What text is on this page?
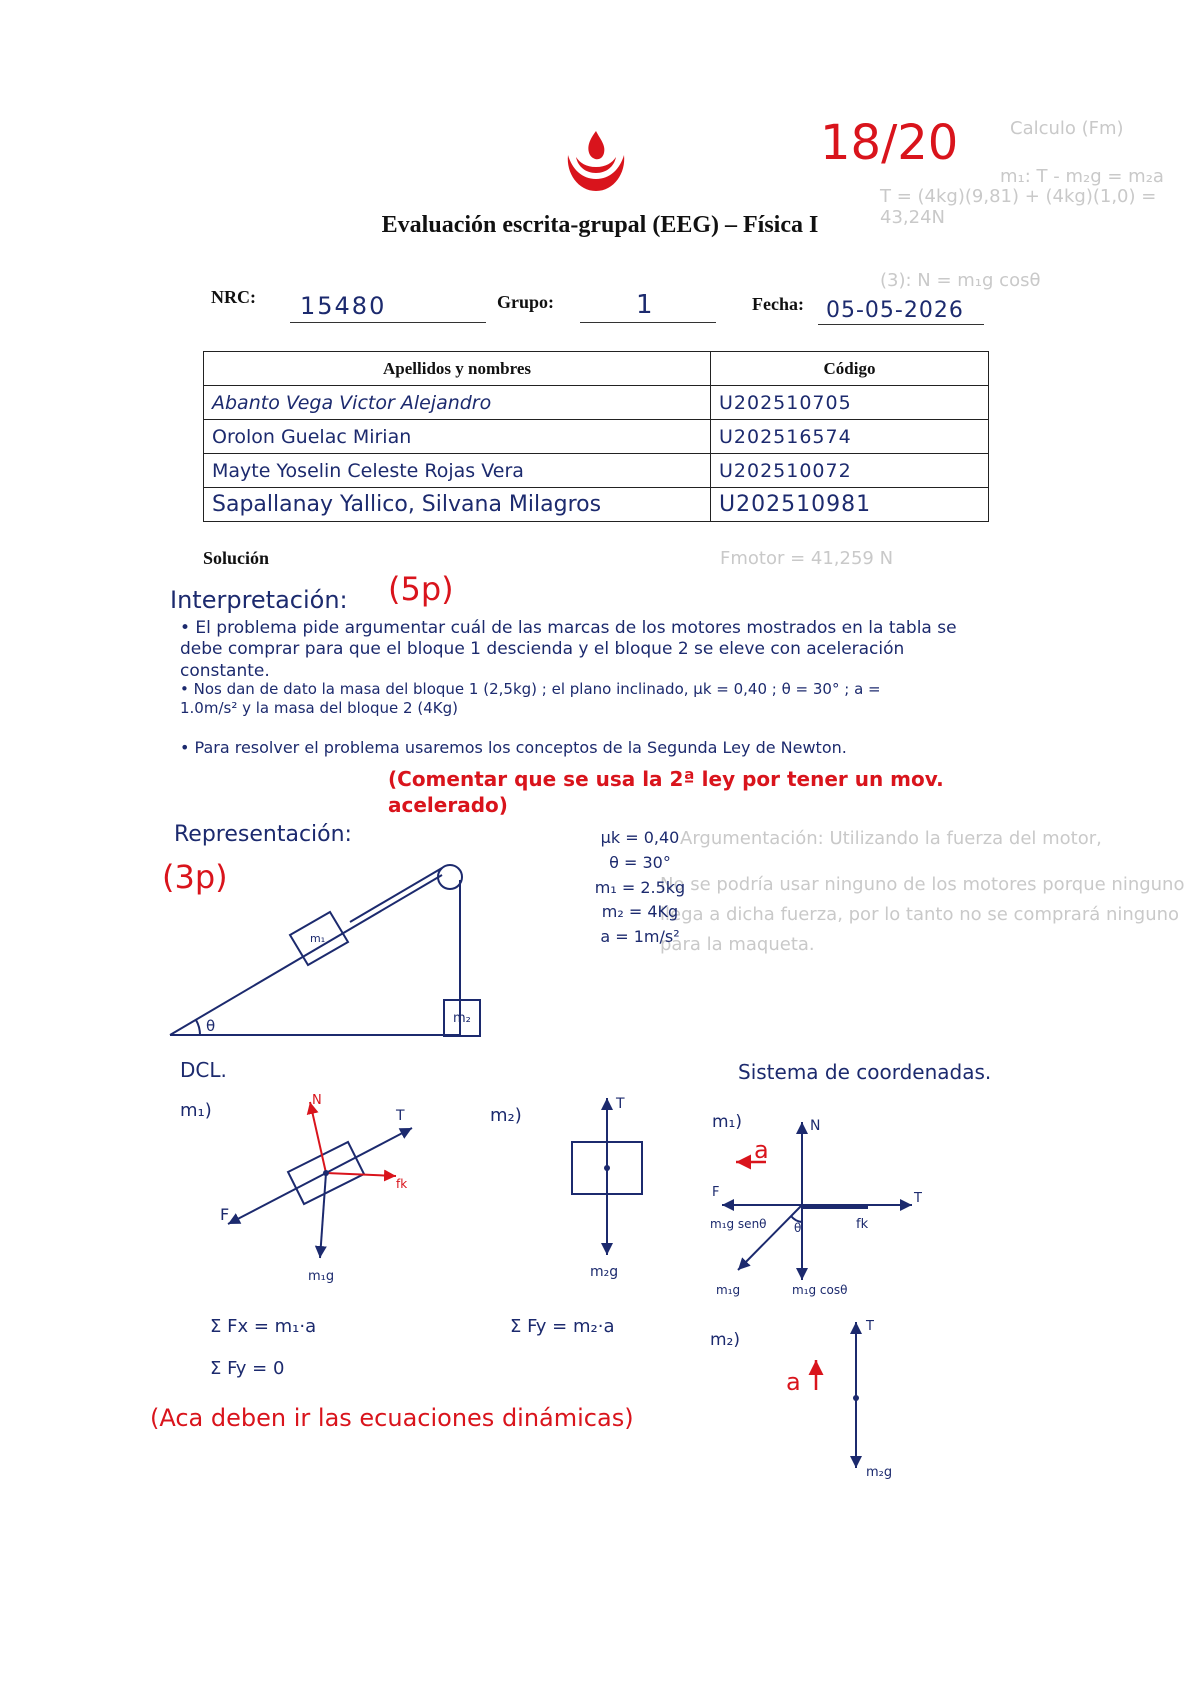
Calculo (Fm)
m₁: T - m₂g = m₂a
T = (4kg)(9,81) + (4kg)(1,0) = 43,24N
(3): N = m₁g cosθ
Fmotor = 41,259 N
Argumentación: Utilizando la fuerza del motor,
No se podría usar ninguno de los motores porque ninguno
llega a dicha fuerza, por lo tanto no se comprará ninguno
para la maqueta.
18/20
Evaluación escrita-grupal (EEG) – Física I
NRC: 15480	Grupo:	1	Fecha: 05-05-2026
Apellidos y nombres	Código
Abanto Vega Victor Alejandro	U202510705
Orolon Guelac Mirian	U202516574
Mayte Yoselin Celeste Rojas Vera	U202510072
Sapallanay Yallico, Silvana Milagros	U202510981
Solución
Interpretación: (5p)
• El problema pide argumentar cuál de las marcas de los motores mostrados en la tabla se debe comprar para que el bloque 1 descienda y el bloque 2 se eleve con aceleración constante.
• Nos dan de dato la masa del bloque 1 (2,5kg) ; el plano inclinado, μk = 0,40 ; θ = 30° ; a = 1.0m/s² y la masa del bloque 2 (4Kg)
• Para resolver el problema usaremos los conceptos de la Segunda Ley de Newton.
(Comentar que se usa la 2ª ley por tener un mov. acelerado)
Representación:
(3p)
m₁
m₂
θ
μk = 0,40
θ = 30°
m₁ = 2.5kg
m₂ = 4Kg
a = 1m/s²
DCL.
m₁)	m₂)
N
T
F
fk
m₁g
T
m₂g
Σ Fx = m₁·a
Σ Fy = 0
Σ Fy = m₂·a
Sistema de coordenadas.
m₁)
m₂)
a
N
T
F
m₁g senθ	fk
θ
m₁g	m₁g cosθ
a
T
m₂g
(Aca deben ir las ecuaciones dinámicas)
